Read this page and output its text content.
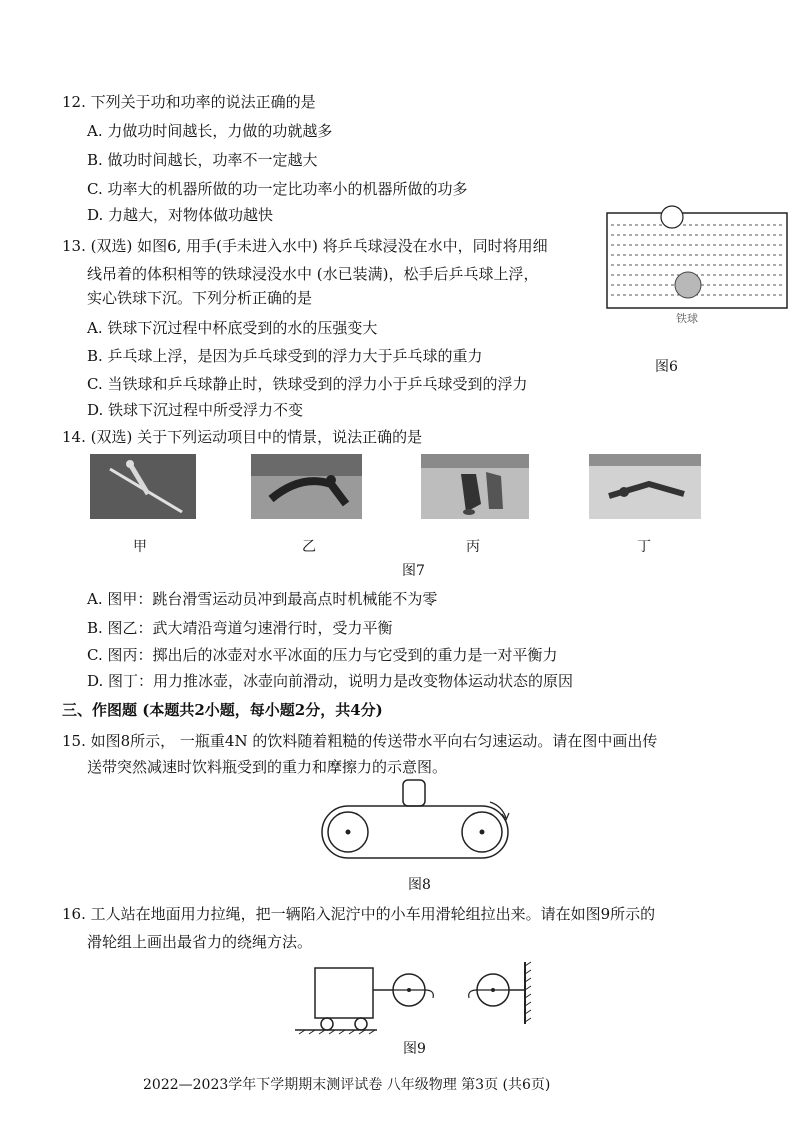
12. 下列关于功和功率的说法正确的是
A. 力做功时间越长，力做的功就越多
B. 做功时间越长，功率不一定越大
C. 功率大的机器所做的功一定比功率小的机器所做的功多
D. 力越大，对物体做功越快
铁球
图6
13. (双选) 如图6, 用手(手未进入水中) 将乒乓球浸没在水中，同时将用细
线吊着的体积相等的铁球浸没水中 (水已装满)，松手后乒乓球上浮，
实心铁球下沉。下列分析正确的是
A. 铁球下沉过程中杯底受到的水的压强变大
B. 乒乓球上浮，是因为乒乓球受到的浮力大于乒乓球的重力
C. 当铁球和乒乓球静止时，铁球受到的浮力小于乒乓球受到的浮力
D. 铁球下沉过程中所受浮力不变
14. (双选) 关于下列运动项目中的情景，说法正确的是
甲	乙	丙	丁
图7
A. 图甲：跳台滑雪运动员冲到最高点时机械能不为零
B. 图乙：武大靖沿弯道匀速滑行时，受力平衡
C. 图丙：掷出后的冰壶对水平冰面的压力与它受到的重力是一对平衡力
D. 图丁：用力推冰壶，冰壶向前滑动，说明力是改变物体运动状态的原因
三、作图题 (本题共2小题，每小题2分，共4分)
15. 如图8所示， 一瓶重4N 的饮料随着粗糙的传送带水平向右匀速运动。请在图中画出传
送带突然减速时饮料瓶受到的重力和摩擦力的示意图。
图8
16. 工人站在地面用力拉绳，把一辆陷入泥泞中的小车用滑轮组拉出来。请在如图9所示的
滑轮组上画出最省力的绕绳方法。
图9
2022—2023学年下学期期末测评试卷 八年级物理 第3页 (共6页)
